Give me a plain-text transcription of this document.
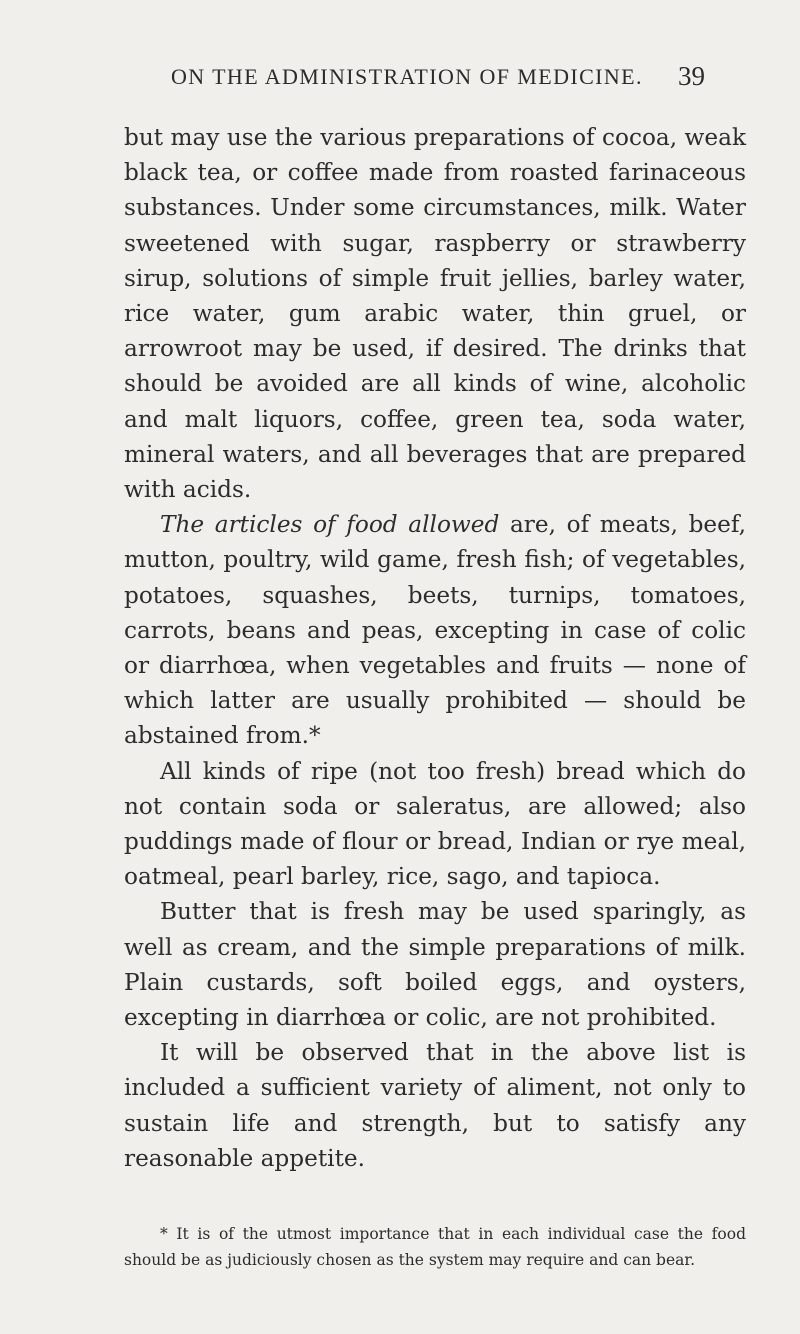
ON THE ADMINISTRATION OF MEDICINE. 39

but may use the various preparations of cocoa, weak black tea, or coffee made from roasted farinaceous substances. Under some circumstances, milk. Water sweetened with sugar, raspberry or strawberry sirup, solutions of simple fruit jellies, barley water, rice water, gum arabic water, thin gruel, or arrowroot may be used, if desired. The drinks that should be avoided are all kinds of wine, alcoholic and malt liquors, coffee, green tea, soda water, mineral waters, and all beverages that are prepared with acids.

The articles of food allowed are, of meats, beef, mutton, poultry, wild game, fresh fish; of vegetables, potatoes, squashes, beets, turnips, tomatoes, carrots, beans and peas, excepting in case of colic or diarrhœa, when vegetables and fruits — none of which latter are usually prohibited — should be abstained from.*

All kinds of ripe (not too fresh) bread which do not contain soda or saleratus, are allowed; also puddings made of flour or bread, Indian or rye meal, oatmeal, pearl barley, rice, sago, and tapioca.

Butter that is fresh may be used sparingly, as well as cream, and the simple preparations of milk. Plain custards, soft boiled eggs, and oysters, excepting in diarrhœa or colic, are not prohibited.

It will be observed that in the above list is included a sufficient variety of aliment, not only to sustain life and strength, but to satisfy any reasonable appetite.

* It is of the utmost importance that in each individual case the food should be as judiciously chosen as the system may require and can bear.
